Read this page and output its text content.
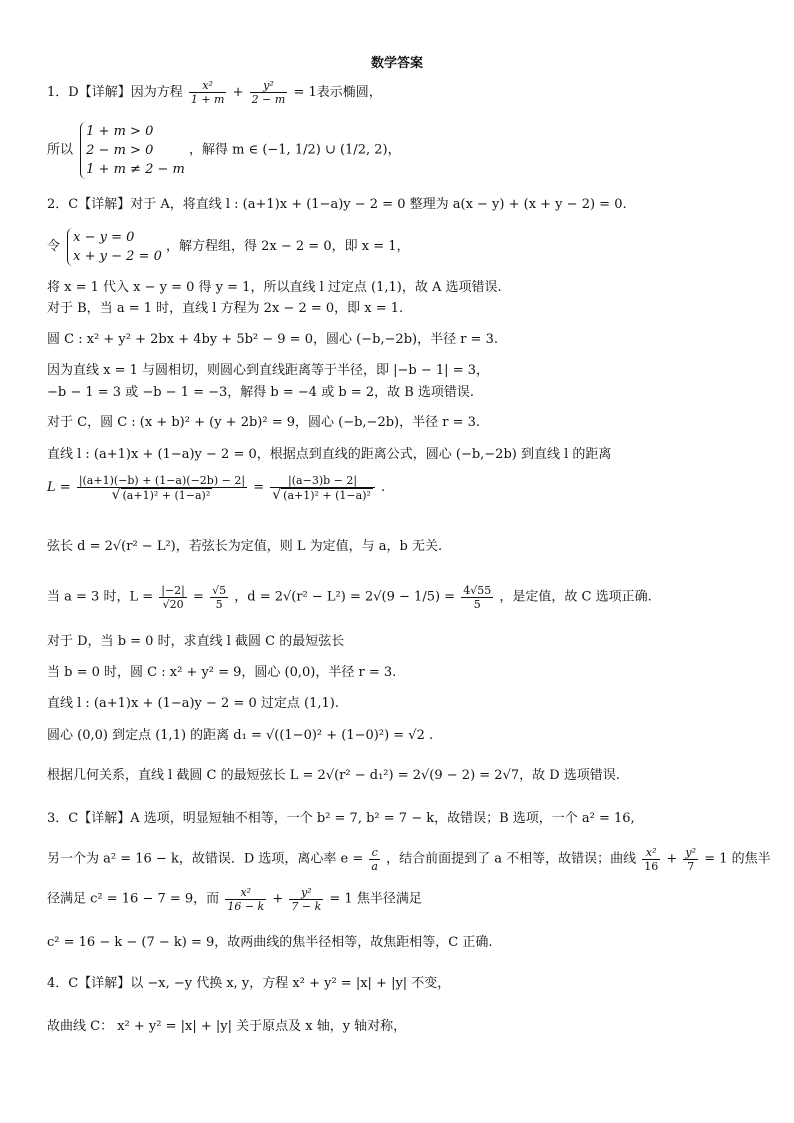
数学答案
1．D【详解】因为方程 $\frac{\text{x²}}{1 + m} + \frac{\text{y²}}{2 - m} = 1$表示椭圆，
所以
1 + m > 0
2 − m > 0
1 + m ≠ 2 − m
，解得 m ∈ (−1, 1/2) ∪ (1/2, 2)，
2．C【详解】对于 A，将直线 l : (a+1)x + (1−a)y − 2 = 0 整理为 a(x − y) + (x + y − 2) = 0.
令
x − y = 0
x + y − 2 = 0
，解方程组，得 2x − 2 = 0，即 x = 1，
将 x = 1 代入 x − y = 0 得 y = 1，所以直线 l 过定点 (1,1)，故 A 选项错误.
对于 B，当 a = 1 时，直线 l 方程为 2x − 2 = 0，即 x = 1.
圆 C : x² + y² + 2bx + 4by + 5b² − 9 = 0，圆心 (−b,−2b)，半径 r = 3.
因为直线 x = 1 与圆相切，则圆心到直线距离等于半径，即 |−b − 1| = 3，
−b − 1 = 3 或 −b − 1 = −3，解得 b = −4 或 b = 2，故 B 选项错误.
对于 C，圆 C : (x + b)² + (y + 2b)² = 9，圆心 (−b,−2b)，半径 r = 3.
直线 l : (a+1)x + (1−a)y − 2 = 0，根据点到直线的距离公式，圆心 (−b,−2b) 到直线 l 的距离
$L = \frac{|(a+1)(-b) + (1-a)(-2b) - 2|}{\text{√ (a+1)² + (1−a)²}} = \frac{|(a-3)b - 2|}{\text{√ (a+1)² + (1−a)²}}$ .
弦长 d = 2√(r² − L²)，若弦长为定值，则 L 为定值，与 a，b 无关.
当 a = 3 时，$L = \frac{|-2|}{√20} = \frac{√5}{5}$ ，$d = 2√(r^2 - L^2) = 2√(9 - 1/5) = \frac{4√55}{5}$ ，是定值，故 C 选项正确.
对于 D，当 b = 0 时，求直线 l 截圆 C 的最短弦长
当 b = 0 时，圆 C : x² + y² = 9，圆心 (0,0)，半径 r = 3.
直线 l : (a+1)x + (1−a)y − 2 = 0 过定点 (1,1).
圆心 (0,0) 到定点 (1,1) 的距离 d₁ = √((1−0)² + (1−0)²) = √2 .
根据几何关系，直线 l 截圆 C 的最短弦长 L = 2√(r² − d₁²) = 2√(9 − 2) = 2√7，故 D 选项错误.
3．C【详解】A 选项，明显短轴不相等，一个 b² = 7, b² = 7 − k，故错误；B 选项，一个 a² = 16,
另一个为 a² = 16 − k，故错误．D 选项，离心率 $e = \frac{c}{a}$ ，结合前面提到了 a 不相等，故错误；曲线 $\frac{\text{x²}}{16} + \frac{\text{y²}}{7} = 1$ 的焦半
径满足 c² = 16 − 7 = 9，而 $\frac{\text{x²}}{16 - k} + \frac{\text{y²}}{7 - k} = 1$ 焦半径满足
c² = 16 − k − (7 − k) = 9，故两曲线的焦半径相等，故焦距相等，C 正确.
4．C【详解】以 −x, −y 代换 x, y，方程 x² + y² = |x| + |y| 不变，
故曲线 C： x² + y² = |x| + |y| 关于原点及 x 轴，y 轴对称，
